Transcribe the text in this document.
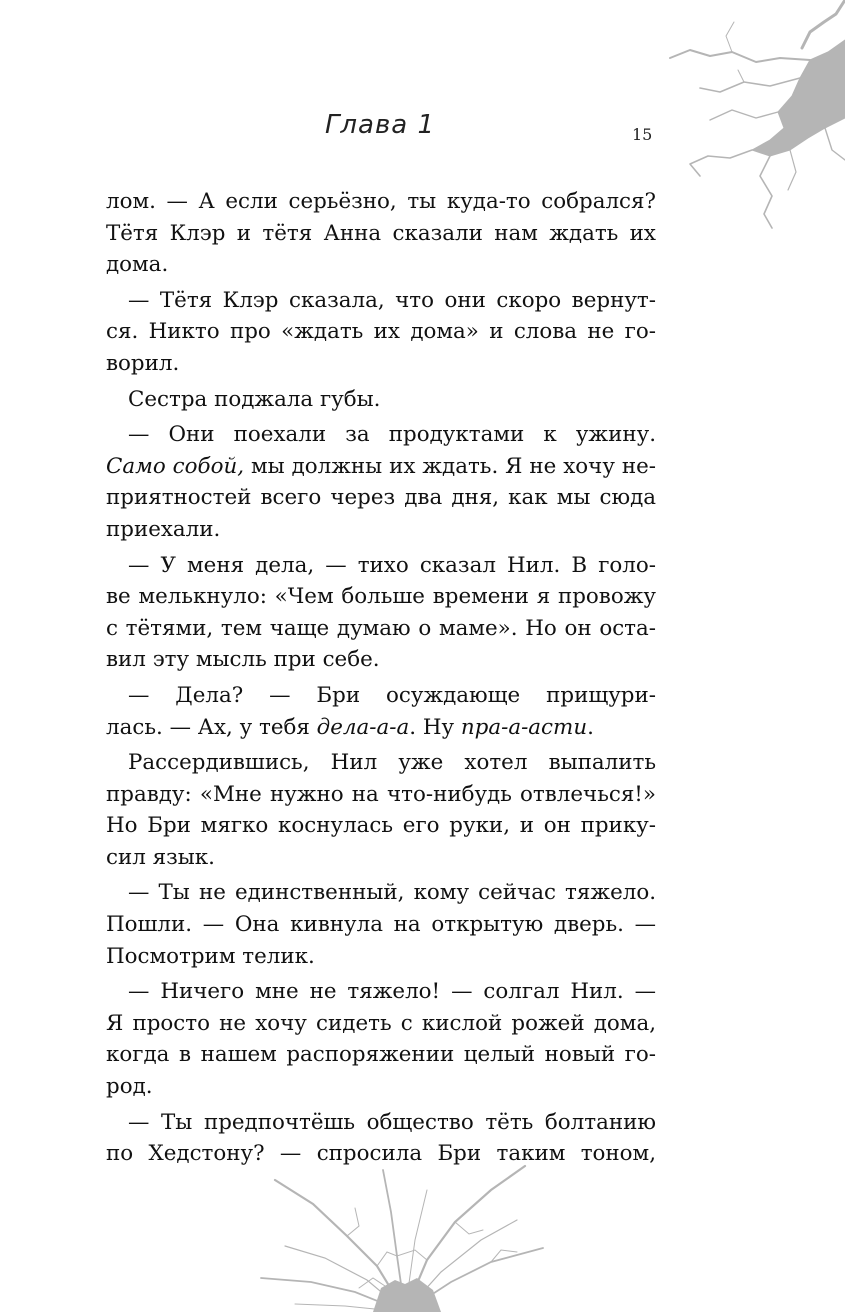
Глава 1	15
лом. — А если серьёзно, ты куда-то собрался?
Тётя Клэр и тётя Анна сказали нам ждать их
дома.
— Тётя Клэр сказала, что они скоро вернут-
ся. Никто про «ждать их дома» и слова не го-
ворил.
Сестра поджала губы.
— Они поехали за продуктами к ужину.
Само собой, мы должны их ждать. Я не хочу не-
приятностей всего через два дня, как мы сюда
приехали.
— У меня дела, — тихо сказал Нил. В голо-
ве мелькнуло: «Чем больше времени я провожу
с тётями, тем чаще думаю о маме». Но он оста-
вил эту мысль при себе.
— Дела? — Бри осуждающе прищури-
лась. — Ах, у тебя дела-а-а. Ну пра-а-асти.
Рассердившись, Нил уже хотел выпалить
правду: «Мне нужно на что-нибудь отвлечься!»
Но Бри мягко коснулась его руки, и он прику-
сил язык.
— Ты не единственный, кому сейчас тяжело.
Пошли. — Она кивнула на открытую дверь. —
Посмотрим телик.
— Ничего мне не тяжело! — солгал Нил. —
Я просто не хочу сидеть с кислой рожей дома,
когда в нашем распоряжении целый новый го-
род.
— Ты предпочтёшь общество тёть болтанию
по Хедстону? — спросила Бри таким тоном,
